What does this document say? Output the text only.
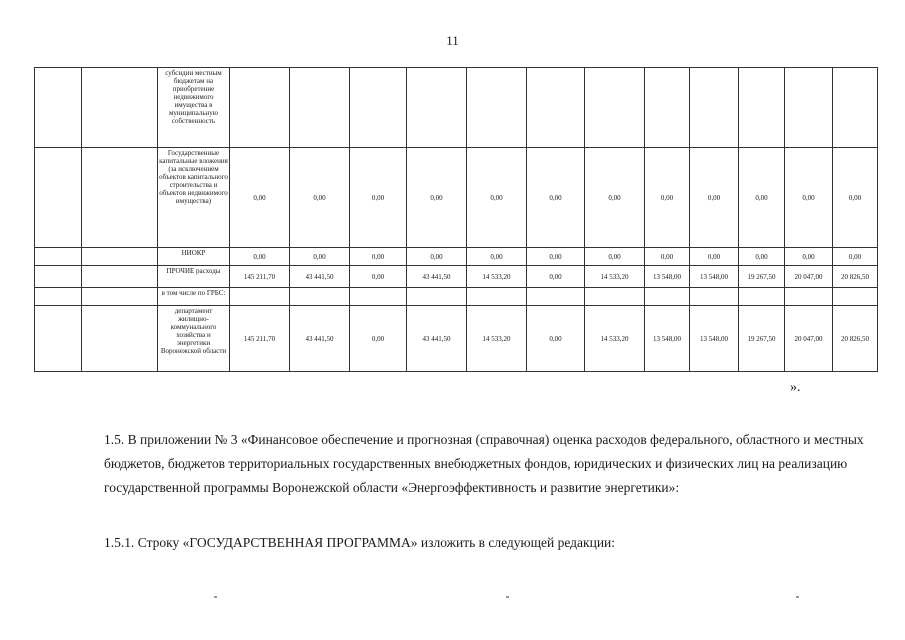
11
		субсидии местным бюджетам на приобретение недвижимого имущества в муниципальную собственность												
		Государственные капитальные вложения (за исключением объектов капитального строительства и объектов недвижимого имущества)	0,00	0,00	0,00	0,00	0,00	0,00	0,00	0,00	0,00	0,00	0,00	0,00
		НИОКР	0,00	0,00	0,00	0,00	0,00	0,00	0,00	0,00	0,00	0,00	0,00	0,00
		ПРОЧИЕ расходы	145 211,70	43 441,50	0,00	43 441,50	14 533,20	0,00	14 533,20	13 548,00	13 548,00	19 267,50	20 047,00	20 826,50
		в том числе по ГРБС:												
		департамент жилищно-коммунального хозяйства и энергетики Воронежской области	145 211,70	43 441,50	0,00	43 441,50	14 533,20	0,00	14 533,20	13 548,00	13 548,00	19 267,50	20 047,00	20 826,50
».
1.5. В приложении № 3 «Финансовое обеспечение и прогнозная (справочная) оценка расходов федерального, областного и местных бюджетов, бюджетов территориальных государственных внебюджетных фондов, юридических и физических лиц на реализацию государственной программы Воронежской области «Энергоэффективность и развитие энергетики»:
1.5.1. Строку «ГОСУДАРСТВЕННАЯ ПРОГРАММА» изложить в следующей редакции:
